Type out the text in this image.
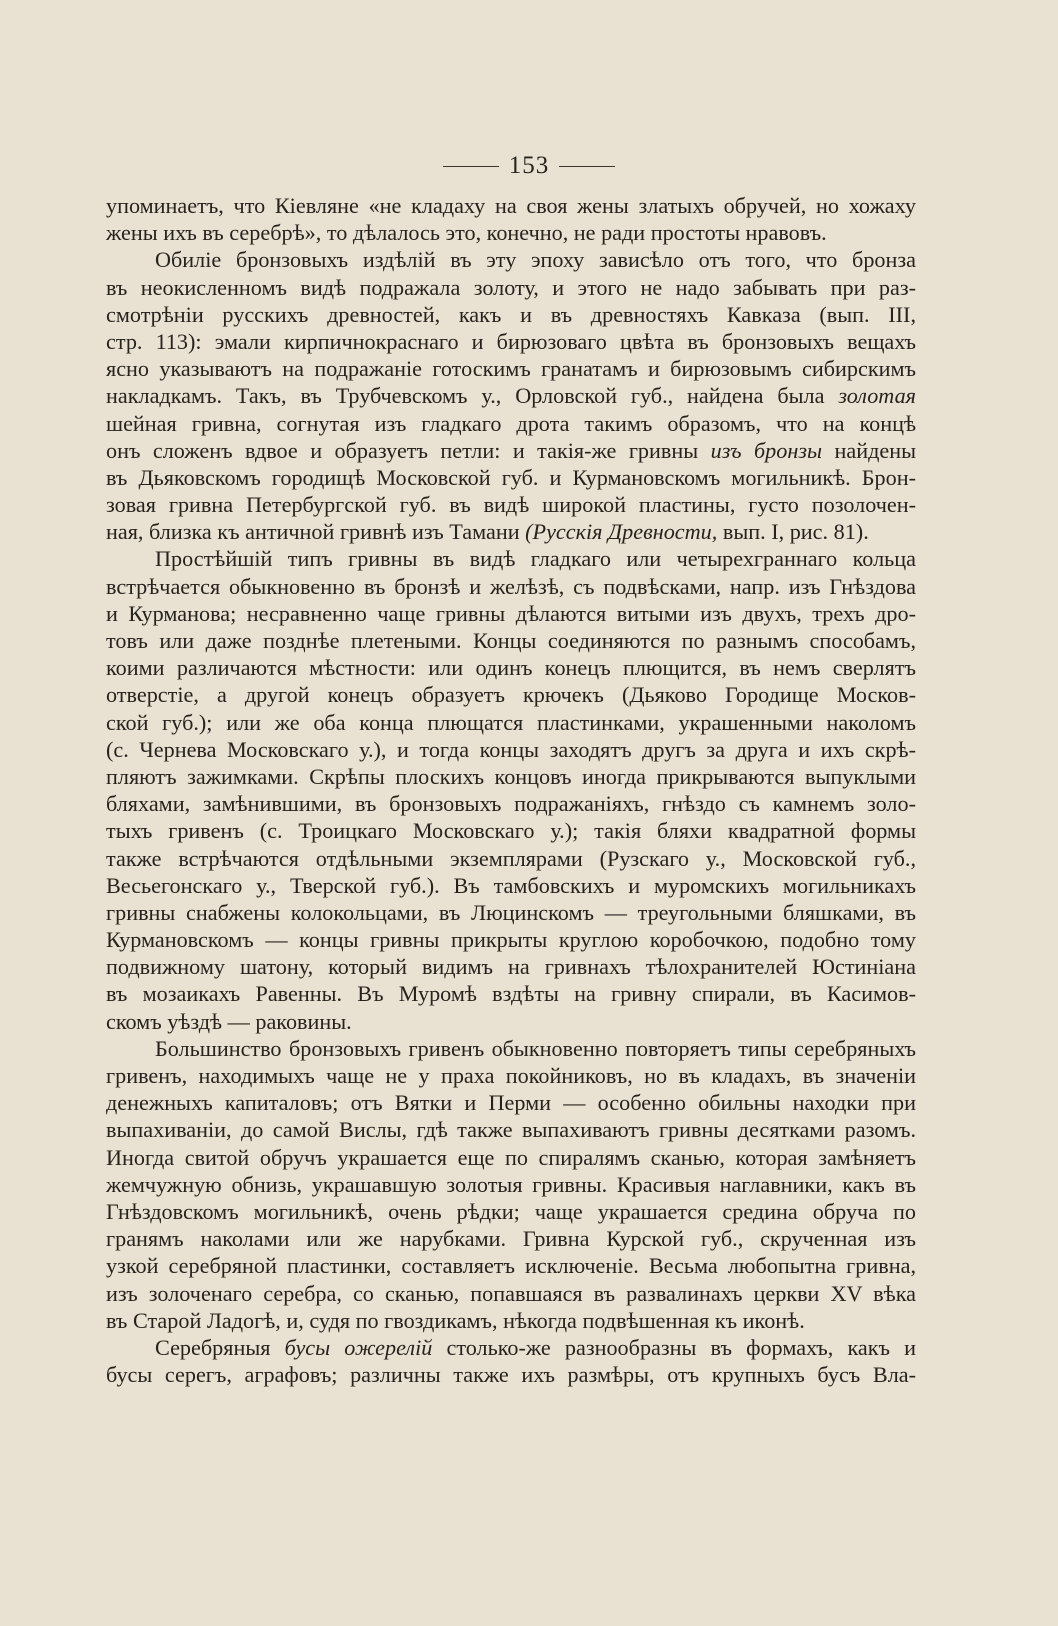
153
упоминаетъ, что Кіевляне «не кладаху на своя жены златыхъ обручей, но хожаху
жены ихъ въ серебрѣ», то дѣлалось это, конечно, не ради простоты нравовъ.
Обиліе бронзовыхъ издѣлій въ эту эпоху зависѣло отъ того, что бронза
въ неокисленномъ видѣ подражала золоту, и этого не надо забывать при раз-
смотрѣніи русскихъ древностей, какъ и въ древностяхъ Кавказа (вып. III,
стр. 113): эмали кирпичнокраснаго и бирюзоваго цвѣта въ бронзовыхъ вещахъ
ясно указываютъ на подражаніе готоскимъ гранатамъ и бирюзовымъ сибирскимъ
накладкамъ. Такъ, въ Трубчевскомъ у., Орловской губ., найдена была золотая
шейная гривна, согнутая изъ гладкаго дрота такимъ образомъ, что на концѣ
онъ сложенъ вдвое и образуетъ петли: и такія-же гривны изъ бронзы найдены
въ Дьяковскомъ городищѣ Московской губ. и Курмановскомъ могильникѣ. Брон-
зовая гривна Петербургской губ. въ видѣ широкой пластины, густо позолочен-
ная, близка къ античной гривнѣ изъ Тамани (Русскія Древности, вып. I, рис. 81).
Простѣйшій типъ гривны въ видѣ гладкаго или четырехграннаго кольца
встрѣчается обыкновенно въ бронзѣ и желѣзѣ, съ подвѣсками, напр. изъ Гнѣздова
и Курманова; несравненно чаще гривны дѣлаются витыми изъ двухъ, трехъ дро-
товъ или даже позднѣе плетеными. Концы соединяются по разнымъ способамъ,
коими различаются мѣстности: или одинъ конецъ плющится, въ немъ сверлятъ
отверстіе, а другой конецъ образуетъ крючекъ (Дьяково Городище Москов-
ской губ.); или же оба конца плющатся пластинками, украшенными наколомъ
(с. Чернева Московскаго у.), и тогда концы заходятъ другъ за друга и ихъ скрѣ-
пляютъ зажимками. Скрѣпы плоскихъ концовъ иногда прикрываются выпуклыми
бляхами, замѣнившими, въ бронзовыхъ подражаніяхъ, гнѣздо съ камнемъ золо-
тыхъ гривенъ (с. Троицкаго Московскаго у.); такія бляхи квадратной формы
также встрѣчаются отдѣльными экземплярами (Рузскаго у., Московской губ.,
Весьегонскаго у., Тверской губ.). Въ тамбовскихъ и муромскихъ могильникахъ
гривны снабжены колокольцами, въ Люцинскомъ — треугольными бляшками, въ
Курмановскомъ — концы гривны прикрыты круглою коробочкою, подобно тому
подвижному шатону, который видимъ на гривнахъ тѣлохранителей Юстиніана
въ мозаикахъ Равенны. Въ Муромѣ вздѣты на гривну спирали, въ Касимов-
скомъ уѣздѣ — раковины.
Большинство бронзовыхъ гривенъ обыкновенно повторяетъ типы серебряныхъ
гривенъ, находимыхъ чаще не у праха покойниковъ, но въ кладахъ, въ значеніи
денежныхъ капиталовъ; отъ Вятки и Перми — особенно обильны находки при
выпахиваніи, до самой Вислы, гдѣ также выпахиваютъ гривны десятками разомъ.
Иногда свитой обручъ украшается еще по спиралямъ сканью, которая замѣняетъ
жемчужную обнизь, украшавшую золотыя гривны. Красивыя наглавники, какъ въ
Гнѣздовскомъ могильникѣ, очень рѣдки; чаще украшается средина обруча по
гранямъ наколами или же нарубками. Гривна Курской губ., скрученная изъ
узкой серебряной пластинки, составляетъ исключеніе. Весьма любопытна гривна,
изъ золоченаго серебра, со сканью, попавшаяся въ развалинахъ церкви XV вѣка
въ Старой Ладогѣ, и, судя по гвоздикамъ, нѣкогда подвѣшенная къ иконѣ.
Серебряныя бусы ожерелій столько-же разнообразны въ формахъ, какъ и
бусы серегъ, аграфовъ; различны также ихъ размѣры, отъ крупныхъ бусъ Вла-
